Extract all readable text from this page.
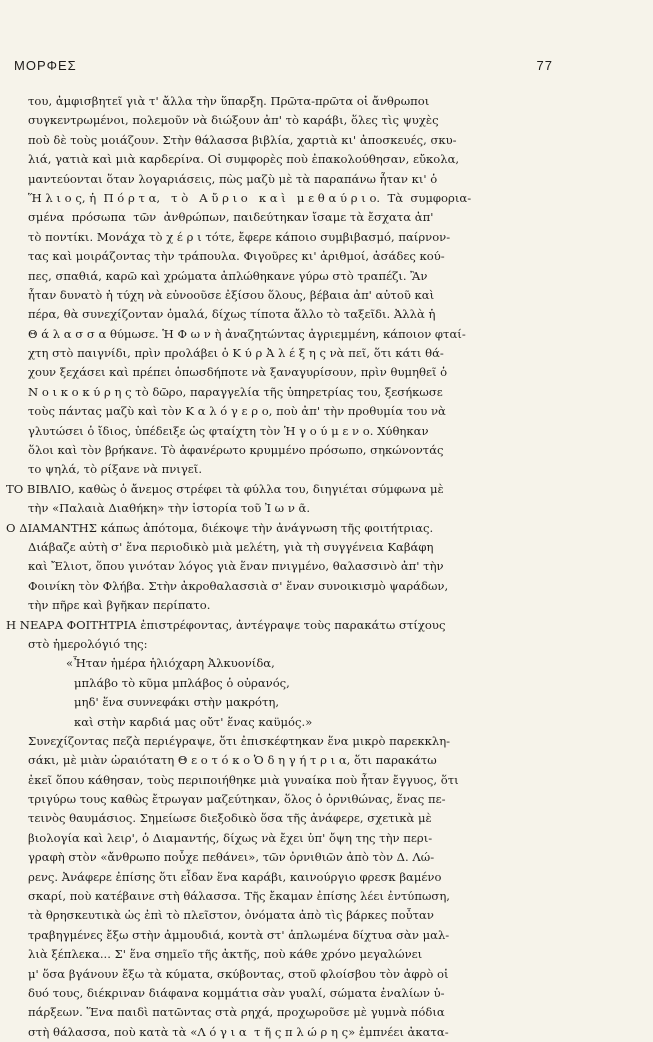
ΜΟΡΦΕΣ	77
του, ἀμφισβητεῖ γιὰ τ' ἄλλα τὴν ὕπαρξη. Πρῶτα-πρῶτα οἱ ἄνθρωποι
συγκεντρωμένοι, πολεμοῦν νὰ διώξουν ἀπ' τὸ καράβι, ὅλες τὶς ψυχὲς
ποὺ δὲ τοὺς μοιάζουν. Στὴν θάλασσα βιβλία, χαρτιὰ κι' ἀποσκευές, σκυ-
λιά, γατιὰ καὶ μιὰ καρδερίνα. Οἱ συμφορὲς ποὺ ἐπακολούθησαν, εὔκολα,
μαντεύονται ὅταν λογαριάσεις, πὼς μαζὺ μὲ τὰ παραπάνω ἦταν κι' ὁ
Ἥ λ ι ο ς, ἡ  Π ό ρ τ α,   τ ὸ   Α ὔ ρ ι ο   κ α ὶ   μ ε θ α ύ ρ ι ο.  Τὰ  συμφορια-
σμένα  πρόσωπα  τῶν  ἀνθρώπων, παιδεύτηκαν ἴσαμε τὰ ἔσχατα ἀπ'
τὸ ποντίκι. Μονάχα τὸ χ έ ρ ι τότε, ἔφερε κάποιο συμβιβασμό, παίρνον-
τας καὶ μοιράζοντας τὴν τράπουλα. Φιγοῦρες κι' ἀριθμοί, ἀσάδες κού-
πες, σπαθιά, καρῶ καὶ χρώματα ἁπλώθηκανε γύρω στὸ τραπέζι. Ἂν
ἦταν δυνατὸ ἡ τύχη νὰ εὐνοοῦσε ἐξίσου ὅλους, βέβαια ἀπ' αὐτοῦ καὶ
πέρα, θὰ συνεχίζονταν ὁμαλά, δίχως τίποτα ἄλλο τὸ ταξεῖδι. Ἀλλὰ ἡ
Θ ά λ α σ σ α θύμωσε. Ἡ Φ ω ν ὴ ἀναζητώντας ἀγριεμμένη, κάποιον φταί-
χτη στὸ παιγνίδι, πρὶν προλάβει ὁ Κ ύ ρ Ἀ λ έ ξ η ς νὰ πεῖ, ὅτι κάτι θά-
χουν ξεχάσει καὶ πρέπει ὁπωσδήποτε νὰ ξαναγυρίσουν, πρὶν θυμηθεῖ ὁ
Ν ο ι κ ο κ ύ ρ η ς τὸ δῶρο, παραγγελία τῆς ὑπηρετρίας του, ξεσήκωσε
τοὺς πάντας μαζὺ καὶ τὸν Κ α λ ό γ ε ρ ο, ποὺ ἀπ' τὴν προθυμία του νὰ
γλυτώσει ὁ ἴδιος, ὑπέδειξε ὡς φταίχτη τὸν Ἡ γ ο ύ μ ε ν ο. Χύθηκαν
ὅλοι καὶ τὸν βρήκανε. Τὸ ἀφανέρωτο κρυμμένο πρόσωπο, σηκώνοντάς
το ψηλά, τὸ ρίξανε νὰ πνιγεῖ.
ΤΟ ΒΙΒΛΙΟ, καθὼς ὁ ἄνεμος στρέφει τὰ φύλλα του, διηγιέται σύμφωνα μὲ
τὴν «Παλαιὰ Διαθήκη» τὴν ἱστορία τοῦ Ἰ ω ν ᾶ.
Ο ΔΙΑΜΑΝΤΗΣ κάπως ἀπότομα, διέκοψε τὴν ἀνάγνωση τῆς φοιτήτριας.
Διάβαζε αὐτὴ σ' ἕνα περιοδικὸ μιὰ μελέτη, γιὰ τὴ συγγένεια Καβάφη
καὶ Ἔλιοτ, ὅπου γινόταν λόγος γιὰ ἕναν πνιγμένο, θαλασσινὸ ἀπ' τὴν
Φοινίκη τὸν Φλήβα. Στὴν ἀκροθαλασσιὰ σ' ἕναν συνοικισμὸ ψαράδων,
τὴν πῆρε καὶ βγῆκαν περίπατο.
Η ΝΕΑΡΑ ΦΟΙΤΗΤΡΙΑ ἐπιστρέφοντας, ἀντέγραψε τοὺς παρακάτω στίχους
στὸ ἡμερολόγιό της:
«Ἦταν ἡμέρα ἡλιόχαρη Ἀλκυονίδα,
μπλάβο τὸ κῦμα μπλάβος ὁ οὐρανός,
μηδ' ἕνα συννεφάκι στὴν μακρότη,
καὶ στὴν καρδιά μας οὔτ' ἕνας καϋμός.»
Συνεχίζοντας πεζὰ περιέγραψε, ὅτι ἐπισκέφτηκαν ἕνα μικρὸ παρεκκλη-
σάκι, μὲ μιὰν ὡραιότατη Θ ε ο τ ό κ ο Ὁ δ η γ ή τ ρ ι α, ὅτι παρακάτω
ἐκεῖ ὅπου κάθησαν, τοὺς περιποιήθηκε μιὰ γυναίκα ποὺ ἦταν ἔγγυος, ὅτι
τριγύρω τους καθὼς ἔτρωγαν μαζεύτηκαν, ὅλος ὁ ὀρνιθώνας, ἕνας πε-
τεινὸς θαυμάσιος. Σημείωσε διεξοδικὸ ὅσα τῆς ἀνάφερε, σχετικὰ μὲ
βιολογία καὶ λειρ', ὁ Διαμαντής, δίχως νὰ ἔχει ὑπ' ὄψη της τὴν περι-
γραφὴ στὸν «ἄνθρωπο ποὖχε πεθάνει», τῶν ὀρνιθιῶν ἀπὸ τὸν Δ. Λώ-
ρενς. Ἀνάφερε ἐπίσης ὅτι εἶδαν ἕνα καράβι, καινούργιο φρεσκ βαμένο
σκαρί, ποὺ κατέβαινε στὴ θάλασσα. Τῆς ἔκαμαν ἐπίσης λέει ἐντύπωση,
τὰ θρησκευτικὰ ὡς ἐπὶ τὸ πλεῖστον, ὀνόματα ἀπὸ τὶς βάρκες ποὖταν
τραβηγμένες ἔξω στὴν ἀμμουδιά, κοντὰ στ' ἁπλωμένα δίχτυα σὰν μαλ-
λιὰ ξέπλεκα... Σ' ἕνα σημεῖο τῆς ἀκτῆς, ποὺ κάθε χρόνο μεγαλώνει
μ' ὅσα βγάνουν ἔξω τὰ κύματα, σκύβοντας, στοῦ φλοίσβου τὸν ἀφρὸ οἱ
δυό τους, διέκριναν διάφανα κομμάτια σὰν γυαλί, σώματα ἐναλίων ὑ-
πάρξεων. Ἕνα παιδὶ πατῶντας στὰ ρηχά, προχωροῦσε μὲ γυμνὰ πόδια
στὴ θάλασσα, ποὺ κατὰ τὰ «Λ ό γ ι α  τ ῆ ς π λ ώ ρ η ς» ἐμπνέει ἀκατα-
